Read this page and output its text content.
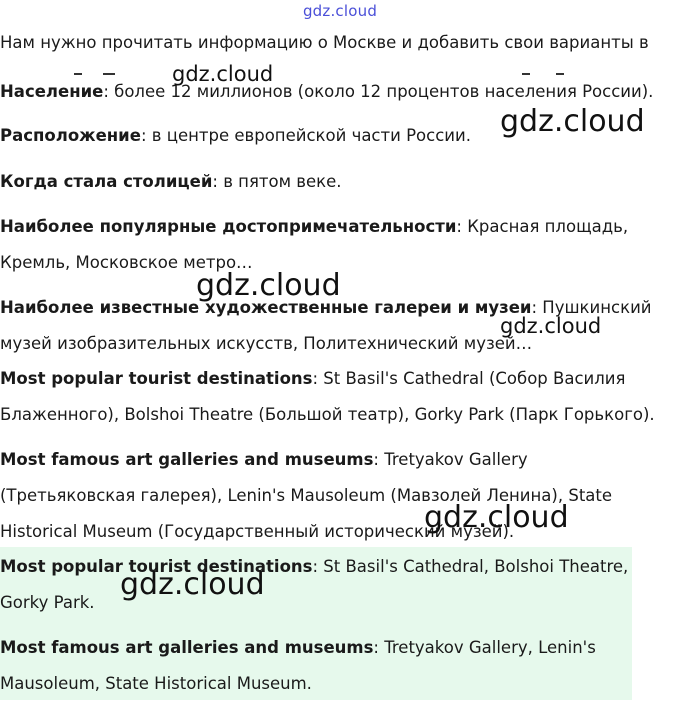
gdz.cloud
Нам нужно прочитать информацию о Москве и добавить свои варианты в
Население: более 12 миллионов (около 12 процентов населения России).
Расположение: в центре европейской части России.
Когда стала столицей: в пятом веке.
Наиболее популярные достопримечательности: Красная площадь, Кремль, Московское метро…
Наиболее известные художественные галереи и музеи: Пушкинский музей изобразительных искусств, Политехнический музей…
Most popular tourist destinations: St Basil's Cathedral (Собор Василия Блаженного), Bolshoi Theatre (Большой театр), Gorky Park (Парк Горького).
Most famous art galleries and museums: Tretyakov Gallery (Третьяковская галерея), Lenin's Mausoleum (Мавзолей Ленина), State Historical Museum (Государственный исторический музей).
Most popular tourist destinations: St Basil's Cathedral, Bolshoi Theatre, Gorky Park.
Most famous art galleries and museums: Tretyakov Gallery, Lenin's Mausoleum, State Historical Museum.
gdz.cloud
gdz.cloud
gdz.cloud
gdz.cloud
gdz.cloud
gdz.cloud
